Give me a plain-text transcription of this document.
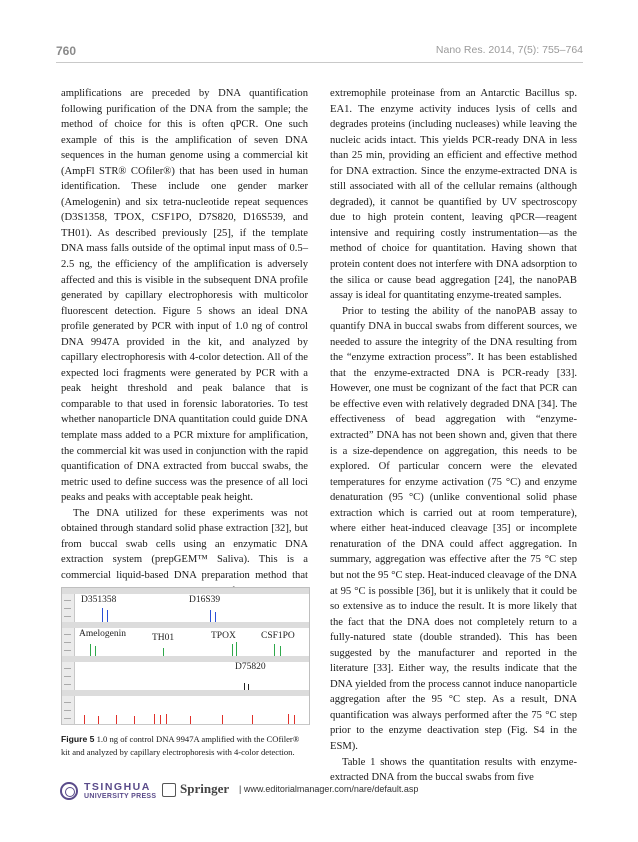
760	Nano Res. 2014, 7(5): 755–764

amplifications are preceded by DNA quantification following purification of the DNA from the sample; the method of choice for this is often qPCR. One such example of this is the amplification of seven DNA sequences in the human genome using a commercial kit (AmpFl STR® COfiler®) that has been used in human identification. These include one gender marker (Amelogenin) and six tetra-nucleotide repeat sequences (D3S1358, TPOX, CSF1PO, D7S820, D16S539, and TH01). As described previously [25], if the template DNA mass falls outside of the optimal input mass of 0.5–2.5 ng, the efficiency of the amplification is adversely affected and this is visible in the subsequent DNA profile generated by capillary electrophoresis with multicolor fluorescent detection. Figure 5 shows an ideal DNA profile generated by PCR with input of 1.0 ng of control DNA 9947A provided in the kit, and analyzed by capillary electrophoresis with 4-color detection. All of the expected loci fragments were generated by PCR with a peak height threshold and peak balance that is comparable to that used in forensic laboratories. To test whether nanoparticle DNA quantitation could guide DNA template mass added to a PCR mixture for amplification, the commercial kit was used in conjunction with the rapid quantification of DNA extracted from buccal swabs, the metric used to define success was the presence of all loci peaks and peaks with acceptable peak height.

The DNA utilized for these experiments was not obtained through standard solid phase extraction [32], but from buccal swab cells using an enzymatic DNA extraction system (prepGEM™ Saliva). This is a commercial liquid-based DNA preparation method that

D351358	D16S39
Amelogenin	TH01	TPOX	CSF1PO
D75820
Figure 5 1.0 ng of control DNA 9947A amplified with the COfiler® kit and analyzed by capillary electrophoresis with 4-color detection.

extremophile proteinase from an Antarctic Bacillus sp. EA1. The enzyme activity induces lysis of cells and degrades proteins (including nucleases) while leaving the nucleic acids intact. This yields PCR-ready DNA in less than 25 min, providing an efficient and effective method for DNA extraction. Since the enzyme-extracted DNA is still associated with all of the cellular remains (although degraded), it cannot be quantified by UV spectroscopy due to high protein content, leaving qPCR—reagent intensive and requiring costly instrumentation—as the method of choice for quantitation. Having shown that protein content does not interfere with DNA adsorption to the silica or cause bead aggregation [24], the nanoPAB assay is ideal for quantitating enzyme-treated samples.

Prior to testing the ability of the nanoPAB assay to quantify DNA in buccal swabs from different sources, we needed to assure the integrity of the DNA resulting from the “enzyme extraction process”. It has been established that the enzyme-extracted DNA is PCR-ready [33]. However, one must be cognizant of the fact that PCR can be effective even with relatively degraded DNA [34]. The effectiveness of bead aggregation with “enzyme-extracted” DNA has not been shown and, given that there is a size-dependence on aggregation, this needs to be explored. Of particular concern were the elevated temperatures for enzyme activation (75 °C) and enzyme denaturation (95 °C) (unlike conventional solid phase extraction which is carried out at room temperature), where either heat-induced cleavage [35] or incomplete renaturation of the DNA could affect aggregation. In summary, aggregation was effective after the 75 °C step but not the 95 °C step. Heat-induced cleavage of the DNA at 95 °C is possible [36], but it is unlikely that it could be so extensive as to induce the result. It is more likely that the fact that the DNA does not completely return to a fully-natured state (double stranded). This has been suggested by the manufacturer and reported in the literature [33]. Either way, the results indicate that the DNA yielded from the process cannot induce nanoparticle aggregation after the 95 °C step. As a result, DNA quantification was always performed after the 75 °C step prior to the enzyme deactivation step (Fig. S4 in the ESM).

Table 1 shows the quantitation results with enzyme-extracted DNA from the buccal swabs from five

TSINGHUA
UNIVERSITY PRESS
Springer | www.editorialmanager.com/nare/default.asp
